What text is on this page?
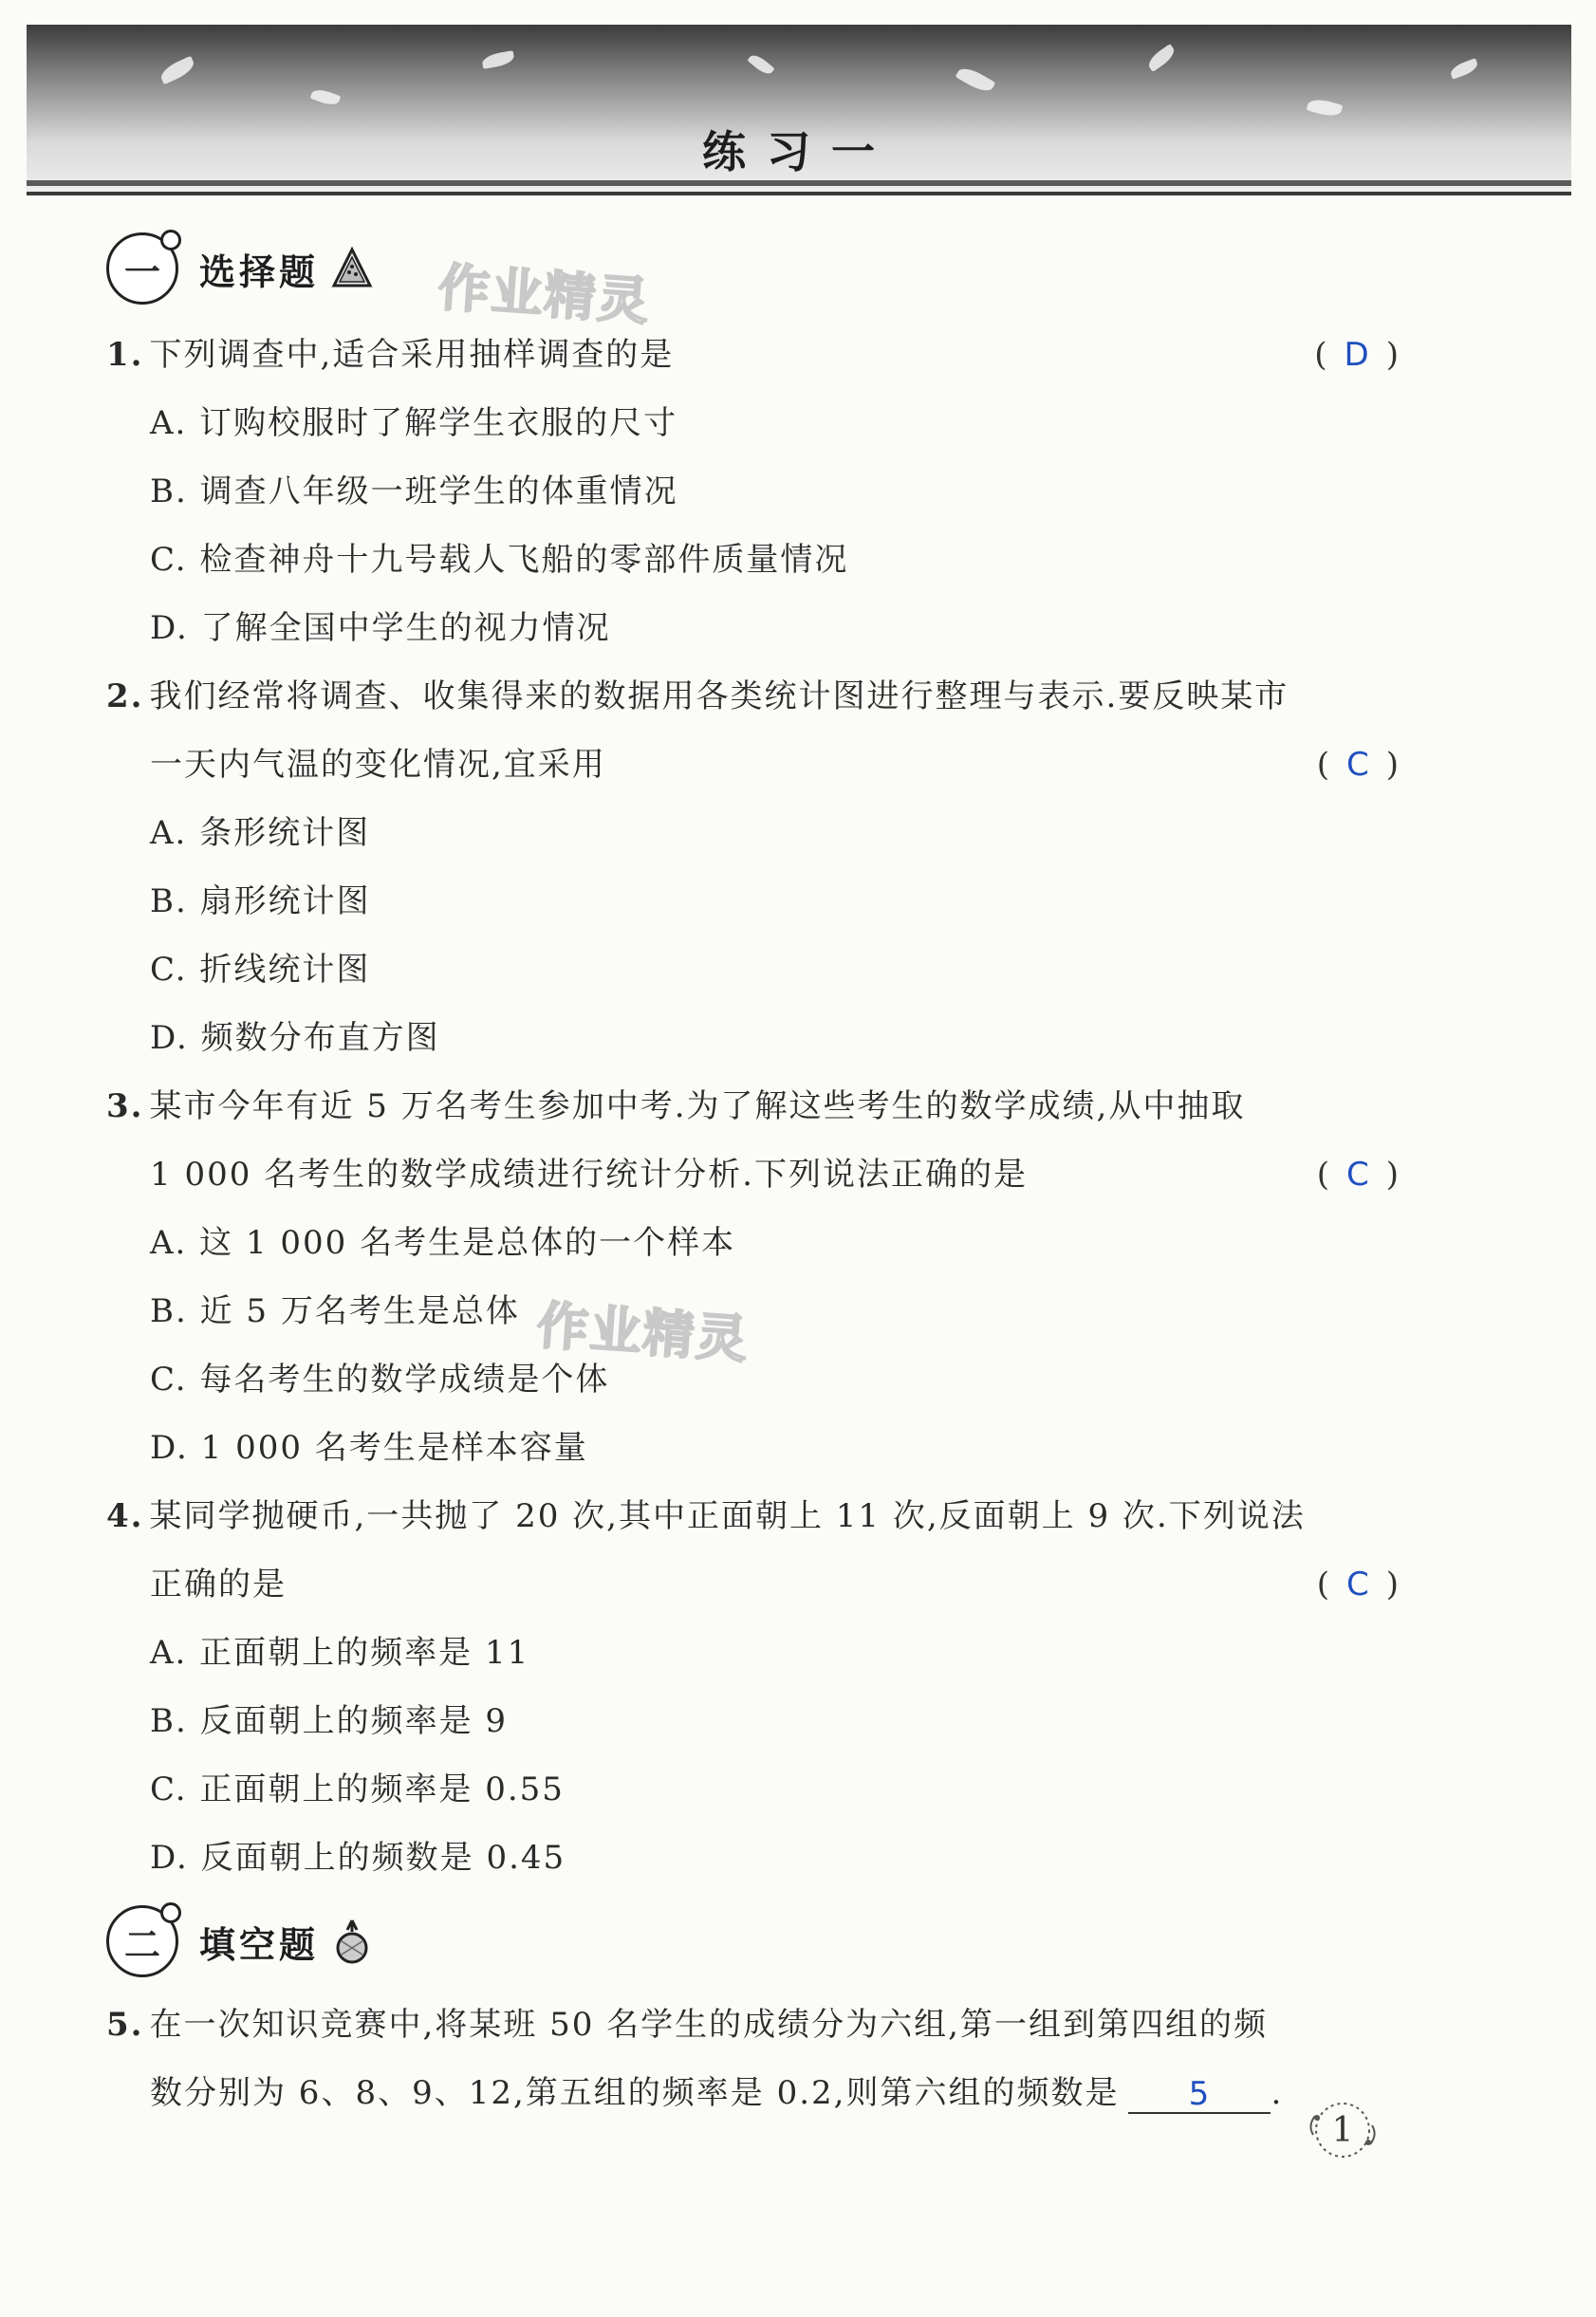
练习一
一 选择题 作业精灵
1. 下列调查中,适合采用抽样调查的是	( D )
A. 订购校服时了解学生衣服的尺寸
B. 调查八年级一班学生的体重情况
C. 检查神舟十九号载人飞船的零部件质量情况
D. 了解全国中学生的视力情况
2. 我们经常将调查、收集得来的数据用各类统计图进行整理与表示.要反映某市
一天内气温的变化情况,宜采用	( C )
A. 条形统计图
B. 扇形统计图
C. 折线统计图
D. 频数分布直方图
3. 某市今年有近 5 万名考生参加中考.为了解这些考生的数学成绩,从中抽取
1 000 名考生的数学成绩进行统计分析.下列说法正确的是	( C )
A. 这 1 000 名考生是总体的一个样本
B. 近 5 万名考生是总体 作业精灵
C. 每名考生的数学成绩是个体
D. 1 000 名考生是样本容量
4. 某同学抛硬币,一共抛了 20 次,其中正面朝上 11 次,反面朝上 9 次.下列说法
正确的是	( C )
A. 正面朝上的频率是 11
B. 反面朝上的频率是 9
C. 正面朝上的频率是 0.55
D. 反面朝上的频数是 0.45
二 填空题
5. 在一次知识竞赛中,将某班 50 名学生的成绩分为六组,第一组到第四组的频
数分别为 6、8、9、12,第五组的频率是 0.2,则第六组的频数是 5 .
1
